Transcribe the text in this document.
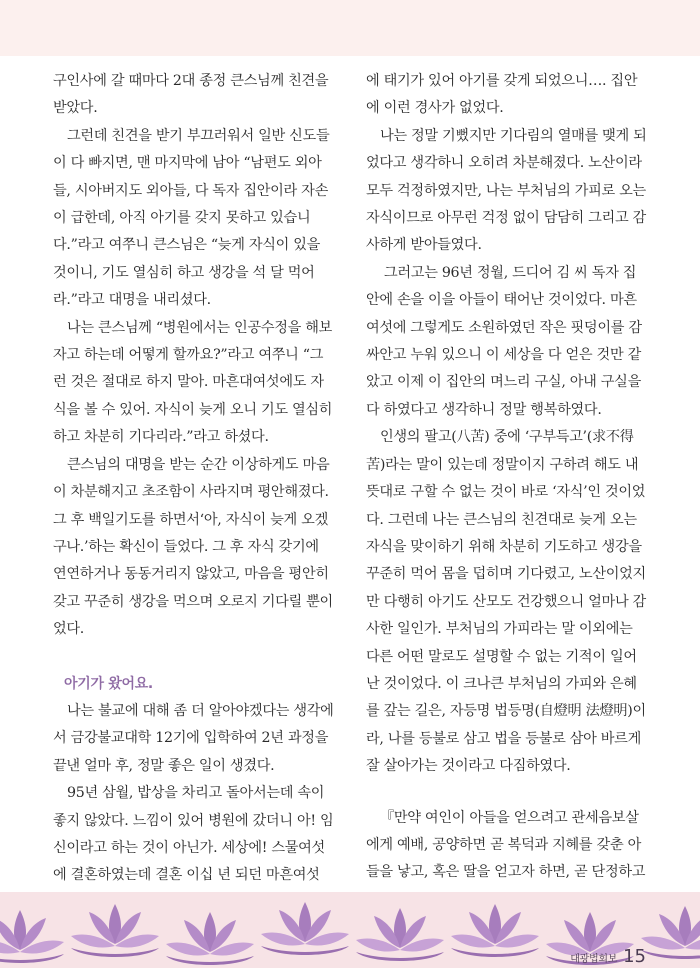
구인사에 갈 때마다 2대 종정 큰스님께 친견을 받았다.

그런데 친견을 받기 부끄러워서 일반 신도들이 다 빠지면, 맨 마지막에 남아 “남편도 외아들, 시아버지도 외아들, 다 독자 집안이라 자손이 급한데, 아직 아기를 갖지 못하고 있습니다.”라고 여쭈니 큰스님은 “늦게 자식이 있을 것이니, 기도 열심히 하고 생강을 석 달 먹어라.”라고 대명을 내리셨다.

나는 큰스님께 “병원에서는 인공수정을 해보자고 하는데 어떻게 할까요?”라고 여쭈니 “그런 것은 절대로 하지 말아. 마흔대여섯에도 자식을 볼 수 있어. 자식이 늦게 오니 기도 열심히 하고 차분히 기다리라.”라고 하셨다.

큰스님의 대명을 받는 순간 이상하게도 마음이 차분해지고 초조함이 사라지며 평안해졌다. 그 후 백일기도를 하면서‘아, 자식이 늦게 오겠구나.’하는 확신이 들었다. 그 후 자식 갖기에 연연하거나 동동거리지 않았고, 마음을 평안히 갖고 꾸준히 생강을 먹으며 오로지 기다릴 뿐이었다.

아기가 왔어요.

나는 불교에 대해 좀 더 알아야겠다는 생각에서 금강불교대학 12기에 입학하여 2년 과정을 끝낸 얼마 후, 정말 좋은 일이 생겼다.

95년 삼월, 밥상을 차리고 돌아서는데 속이 좋지 않았다. 느낌이 있어 병원에 갔더니 아! 임신이라고 하는 것이 아닌가. 세상에! 스물여섯에 결혼하였는데 결혼 이십 년 되던 마흔여섯

에 태기가 있어 아기를 갖게 되었으니…. 집안에 이런 경사가 없었다.

나는 정말 기뻤지만 기다림의 열매를 맺게 되었다고 생각하니 오히려 차분해졌다. 노산이라 모두 걱정하였지만, 나는 부처님의 가피로 오는 자식이므로 아무런 걱정 없이 담담히 그리고 감사하게 받아들였다.

그러고는 96년 정월, 드디어 김 씨 독자 집안에 손을 이을 아들이 태어난 것이었다. 마흔여섯에 그렇게도 소원하였던 작은 핏덩이를 감싸안고 누워 있으니 이 세상을 다 얻은 것만 같았고 이제 이 집안의 며느리 구실, 아내 구실을 다 하였다고 생각하니 정말 행복하였다.

인생의 팔고(八苦) 중에 ‘구부득고’(求不得苦)라는 말이 있는데 정말이지 구하려 해도 내 뜻대로 구할 수 없는 것이 바로 ‘자식’인 것이었다. 그런데 나는 큰스님의 친견대로 늦게 오는 자식을 맞이하기 위해 차분히 기도하고 생강을 꾸준히 먹어 몸을 덥히며 기다렸고, 노산이었지만 다행히 아기도 산모도 건강했으니 얼마나 감사한 일인가. 부처님의 가피라는 말 이외에는 다른 어떤 말로도 설명할 수 없는 기적이 일어난 것이었다. 이 크나큰 부처님의 가피와 은혜를 갚는 길은, 자등명 법등명(自燈明 法燈明)이라, 나를 등불로 삼고 법을 등불로 삼아 바르게 잘 살아가는 것이라고 다짐하였다.

『만약 여인이 아들을 얻으려고 관세음보살에게 예배, 공양하면 곧 복덕과 지혜를 갖춘 아들을 낳고, 혹은 딸을 얻고자 하면, 곧 단정하고

대광법회보 15
